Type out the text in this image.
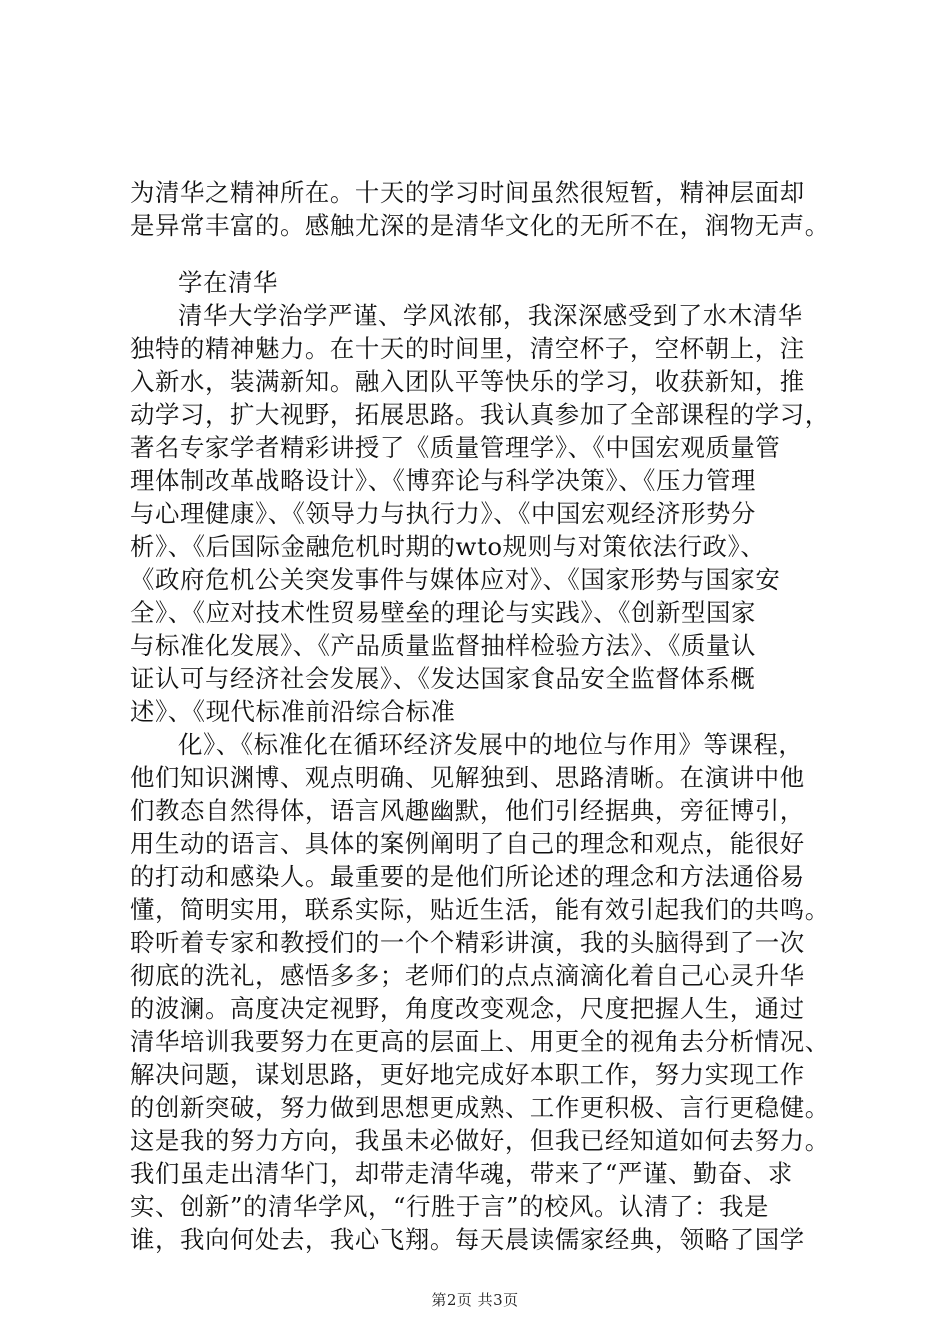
为清华之精神所在。十天的学习时间虽然很短暂，精神层面却
是异常丰富的。感触尤深的是清华文化的无所不在，润物无声。
学在清华
清华大学治学严谨、学风浓郁，我深深感受到了水木清华
独特的精神魅力。在十天的时间里，清空杯子，空杯朝上，注
入新水，装满新知。融入团队平等快乐的学习，收获新知，推
动学习，扩大视野，拓展思路。我认真参加了全部课程的学习，
著名专家学者精彩讲授了《质量管理学》、《中国宏观质量管
理体制改革战略设计》、《博弈论与科学决策》、《压力管理
与心理健康》、《领导力与执行力》、《中国宏观经济形势分
析》、《后国际金融危机时期的wto规则与对策依法行政》、
《政府危机公关突发事件与媒体应对》、《国家形势与国家安
全》、《应对技术性贸易壁垒的理论与实践》、《创新型国家
与标准化发展》、《产品质量监督抽样检验方法》、《质量认
证认可与经济社会发展》、《发达国家食品安全监督体系概
述》、《现代标准前沿综合标准
化》、《标准化在循环经济发展中的地位与作用》等课程，
他们知识渊博、观点明确、见解独到、思路清晰。在演讲中他
们教态自然得体，语言风趣幽默，他们引经据典，旁征博引，
用生动的语言、具体的案例阐明了自己的理念和观点，能很好
的打动和感染人。最重要的是他们所论述的理念和方法通俗易
懂，简明实用，联系实际，贴近生活，能有效引起我们的共鸣。
聆听着专家和教授们的一个个精彩讲演，我的头脑得到了一次
彻底的洗礼，感悟多多；老师们的点点滴滴化着自己心灵升华
的波澜。高度决定视野，角度改变观念，尺度把握人生，通过
清华培训我要努力在更高的层面上、用更全的视角去分析情况、
解决问题，谋划思路，更好地完成好本职工作，努力实现工作
的创新突破，努力做到思想更成熟、工作更积极、言行更稳健。
这是我的努力方向，我虽未必做好，但我已经知道如何去努力。
我们虽走出清华门，却带走清华魂，带来了“严谨、勤奋、求
实、创新”的清华学风，“行胜于言”的校风。认清了：我是
谁，我向何处去，我心飞翔。每天晨读儒家经典，领略了国学
第2页 共3页
